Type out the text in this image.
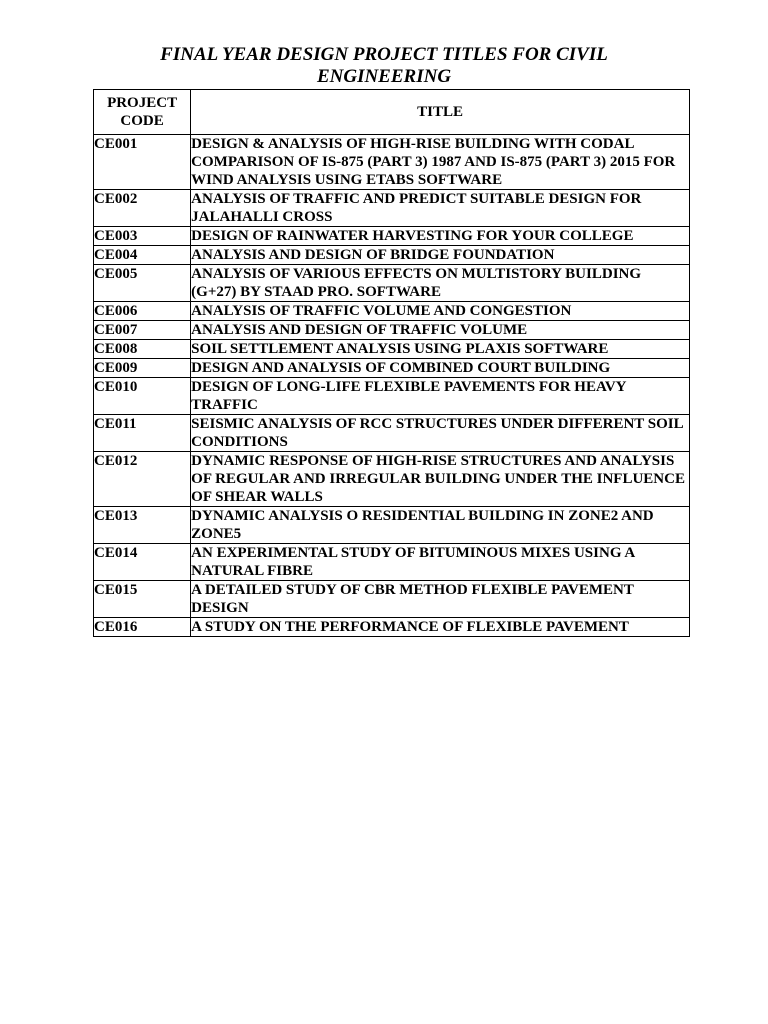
FINAL YEAR DESIGN PROJECT TITLES FOR CIVIL
ENGINEERING
PROJECT
CODE	TITLE
CE001	DESIGN & ANALYSIS OF HIGH-RISE BUILDING WITH CODAL COMPARISON OF IS-875 (PART 3) 1987 AND IS-875 (PART 3) 2015 FOR WIND ANALYSIS USING ETABS SOFTWARE
CE002	ANALYSIS OF TRAFFIC AND PREDICT SUITABLE DESIGN FOR JALAHALLI CROSS
CE003	DESIGN OF RAINWATER HARVESTING FOR YOUR COLLEGE
CE004	ANALYSIS AND DESIGN OF BRIDGE FOUNDATION
CE005	ANALYSIS OF VARIOUS EFFECTS ON MULTISTORY BUILDING (G+27) BY STAAD PRO. SOFTWARE
CE006	ANALYSIS OF TRAFFIC VOLUME AND CONGESTION
CE007	ANALYSIS AND DESIGN OF TRAFFIC VOLUME
CE008	SOIL SETTLEMENT ANALYSIS USING PLAXIS SOFTWARE
CE009	DESIGN AND ANALYSIS OF COMBINED COURT BUILDING
CE010	DESIGN OF LONG-LIFE FLEXIBLE PAVEMENTS FOR HEAVY TRAFFIC
CE011	SEISMIC ANALYSIS OF RCC STRUCTURES UNDER DIFFERENT SOIL CONDITIONS
CE012	DYNAMIC RESPONSE OF HIGH-RISE STRUCTURES AND ANALYSIS OF REGULAR AND IRREGULAR BUILDING UNDER THE INFLUENCE OF SHEAR WALLS
CE013	DYNAMIC ANALYSIS O RESIDENTIAL BUILDING IN ZONE2 AND ZONE5
CE014	AN EXPERIMENTAL STUDY OF BITUMINOUS MIXES USING A NATURAL FIBRE
CE015	A DETAILED STUDY OF CBR METHOD FLEXIBLE PAVEMENT DESIGN
CE016	A STUDY ON THE PERFORMANCE OF FLEXIBLE PAVEMENT
